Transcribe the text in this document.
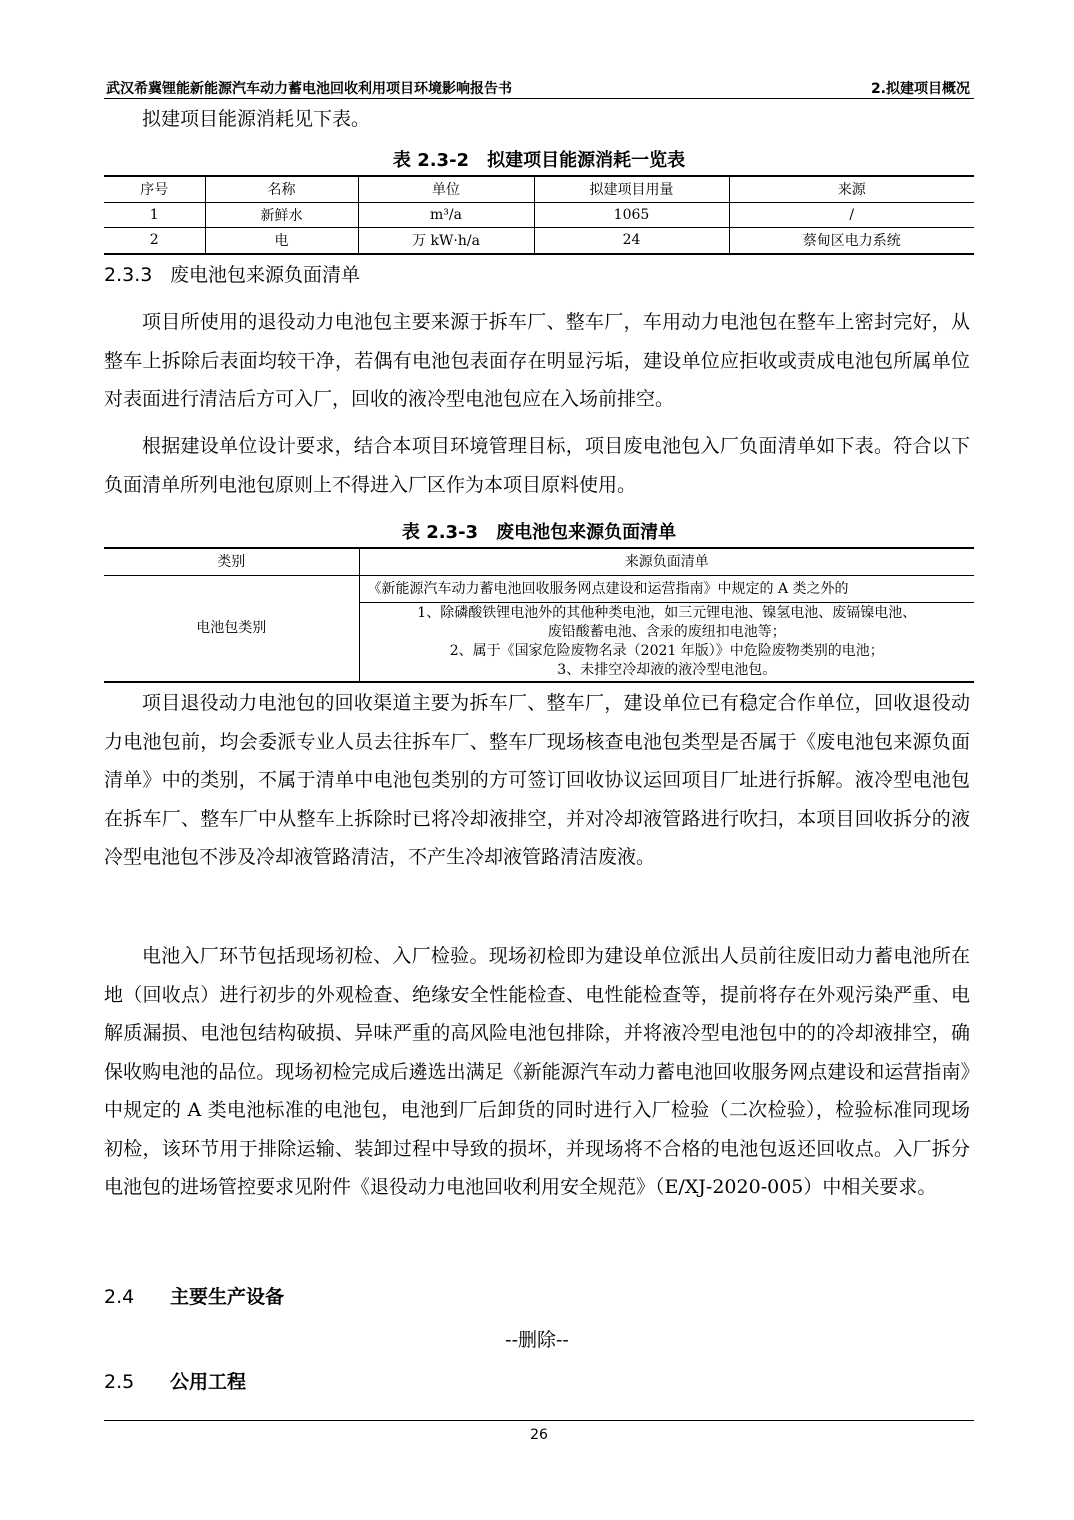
武汉希冀锂能新能源汽车动力蓄电池回收利用项目环境影响报告书	2.拟建项目概况

拟建项目能源消耗见下表。

表 2.3-2　拟建项目能源消耗一览表
序号	名称	单位	拟建项目用量	来源
1	新鲜水	m³/a	1065	/
2	电	万 kW·h/a	24	蔡甸区电力系统
2.3.3 废电池包来源负面清单

项目所使用的退役动力电池包主要来源于拆车厂、整车厂，车用动力电池包在整车上密封完好，从整车上拆除后表面均较干净，若偶有电池包表面存在明显污垢，建设单位应拒收或责成电池包所属单位对表面进行清洁后方可入厂，回收的液冷型电池包应在入场前排空。

根据建设单位设计要求，结合本项目环境管理目标，项目废电池包入厂负面清单如下表。符合以下负面清单所列电池包原则上不得进入厂区作为本项目原料使用。

表 2.3-3　废电池包来源负面清单
类别	来源负面清单
电池包类别	《新能源汽车动力蓄电池回收服务网点建设和运营指南》中规定的 A 类之外的

	1、除磷酸铁锂电池外的其他种类电池，如三元锂电池、镍氢电池、废镉镍电池、
废铅酸蓄电池、含汞的废纽扣电池等；
2、属于《国家危险废物名录（2021 年版）》中危险废物类别的电池；
3、未排空冷却液的液冷型电池包。

项目退役动力电池包的回收渠道主要为拆车厂、整车厂，建设单位已有稳定合作单位，回收退役动力电池包前，均会委派专业人员去往拆车厂、整车厂现场核查电池包类型是否属于《废电池包来源负面清单》中的类别，不属于清单中电池包类别的方可签订回收协议运回项目厂址进行拆解。液冷型电池包在拆车厂、整车厂中从整车上拆除时已将冷却液排空，并对冷却液管路进行吹扫，本项目回收拆分的液冷型电池包不涉及冷却液管路清洁，不产生冷却液管路清洁废液。

电池入厂环节包括现场初检、入厂检验。现场初检即为建设单位派出人员前往废旧动力蓄电池所在地（回收点）进行初步的外观检查、绝缘安全性能检查、电性能检查等，提前将存在外观污染严重、电解质漏损、电池包结构破损、异味严重的高风险电池包排除，并将液冷型电池包中的的冷却液排空，确保收购电池的品位。现场初检完成后遴选出满足《新能源汽车动力蓄电池回收服务网点建设和运营指南》中规定的 A 类电池标准的电池包，电池到厂后卸货的同时进行入厂检验（二次检验），检验标准同现场初检，该环节用于排除运输、装卸过程中导致的损坏，并现场将不合格的电池包返还回收点。入厂拆分电池包的进场管控要求见附件《退役动力电池回收利用安全规范》（E/XJ-2020-005）中相关要求。

2.4 主要生产设备
--删除--
2.5 公用工程
26
